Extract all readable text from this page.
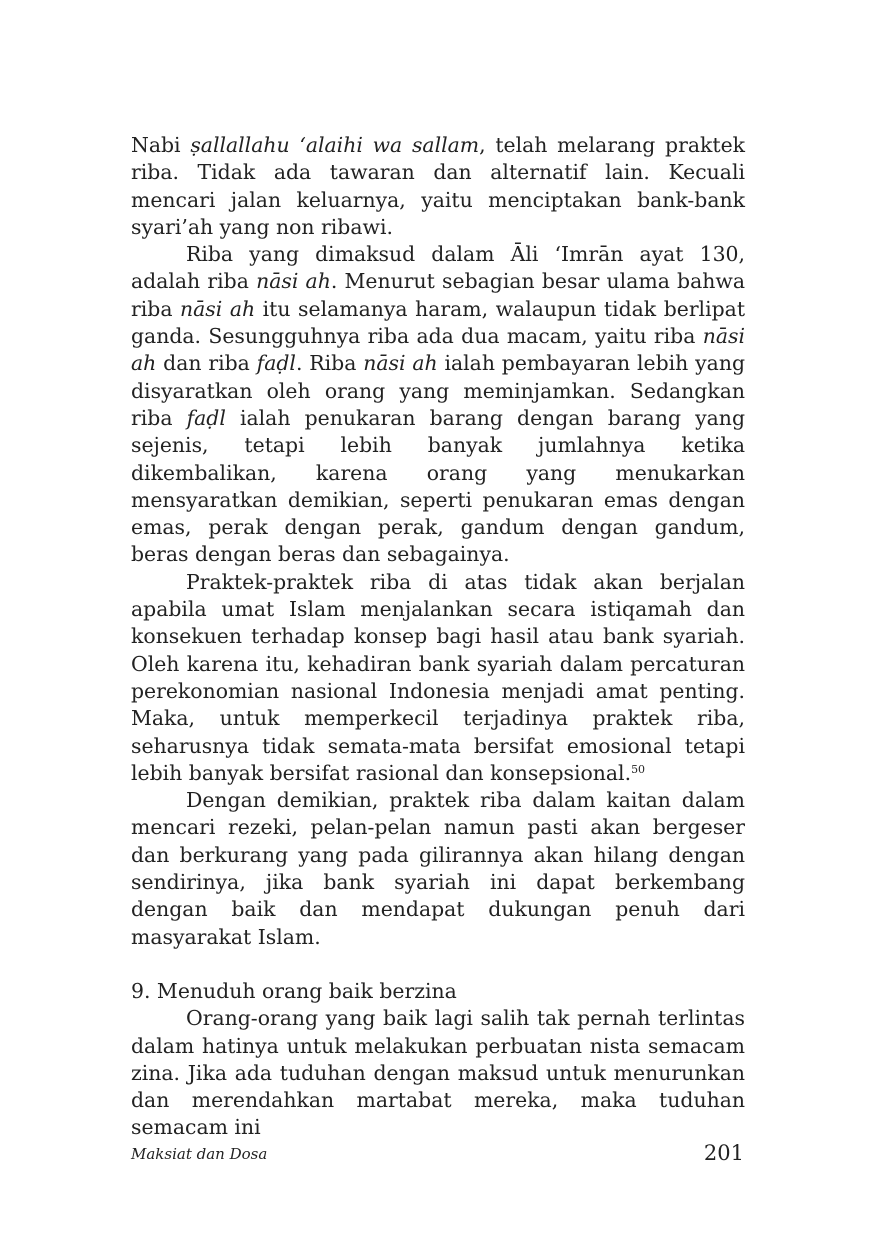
Nabi ṣallallahu ‘alaihi wa sallam, telah melarang praktek riba. Tidak ada tawaran dan alternatif lain. Kecuali mencari jalan keluarnya, yaitu menciptakan bank-bank syari’ah yang non ribawi.

Riba yang dimaksud dalam Āli ‘Imrān ayat 130, adalah riba nāsi ah. Menurut sebagian besar ulama bahwa riba nāsi ah itu selamanya haram, walaupun tidak berlipat ganda. Sesungguhnya riba ada dua macam, yaitu riba nāsi ah dan riba faḍl. Riba nāsi ah ialah pembayaran lebih yang disyaratkan oleh orang yang meminjamkan. Sedangkan riba faḍl ialah penukaran barang dengan barang yang sejenis, tetapi lebih banyak jumlahnya ketika dikembalikan, karena orang yang menukarkan mensyaratkan demikian, seperti penukaran emas dengan emas, perak dengan perak, gandum dengan gandum, beras dengan beras dan sebagainya.

Praktek-praktek riba di atas tidak akan berjalan apabila umat Islam menjalankan secara istiqamah dan konsekuen terhadap konsep bagi hasil atau bank syariah. Oleh karena itu, kehadiran bank syariah dalam percaturan perekonomian nasional Indonesia menjadi amat penting. Maka, untuk memperkecil terjadinya praktek riba, seharusnya tidak semata-mata bersifat emosional tetapi lebih banyak bersifat rasional dan konsepsional.$^{50}$

Dengan demikian, praktek riba dalam kaitan dalam mencari rezeki, pelan-pelan namun pasti akan bergeser dan berkurang yang pada gilirannya akan hilang dengan sendirinya, jika bank syariah ini dapat berkembang dengan baik dan mendapat dukungan penuh dari masyarakat Islam.

9. Menuduh orang baik berzina

Orang-orang yang baik lagi salih tak pernah terlintas dalam hatinya untuk melakukan perbuatan nista semacam zina. Jika ada tuduhan dengan maksud untuk menurunkan dan merendahkan martabat mereka, maka tuduhan semacam ini

Maksiat dan Dosa	201
